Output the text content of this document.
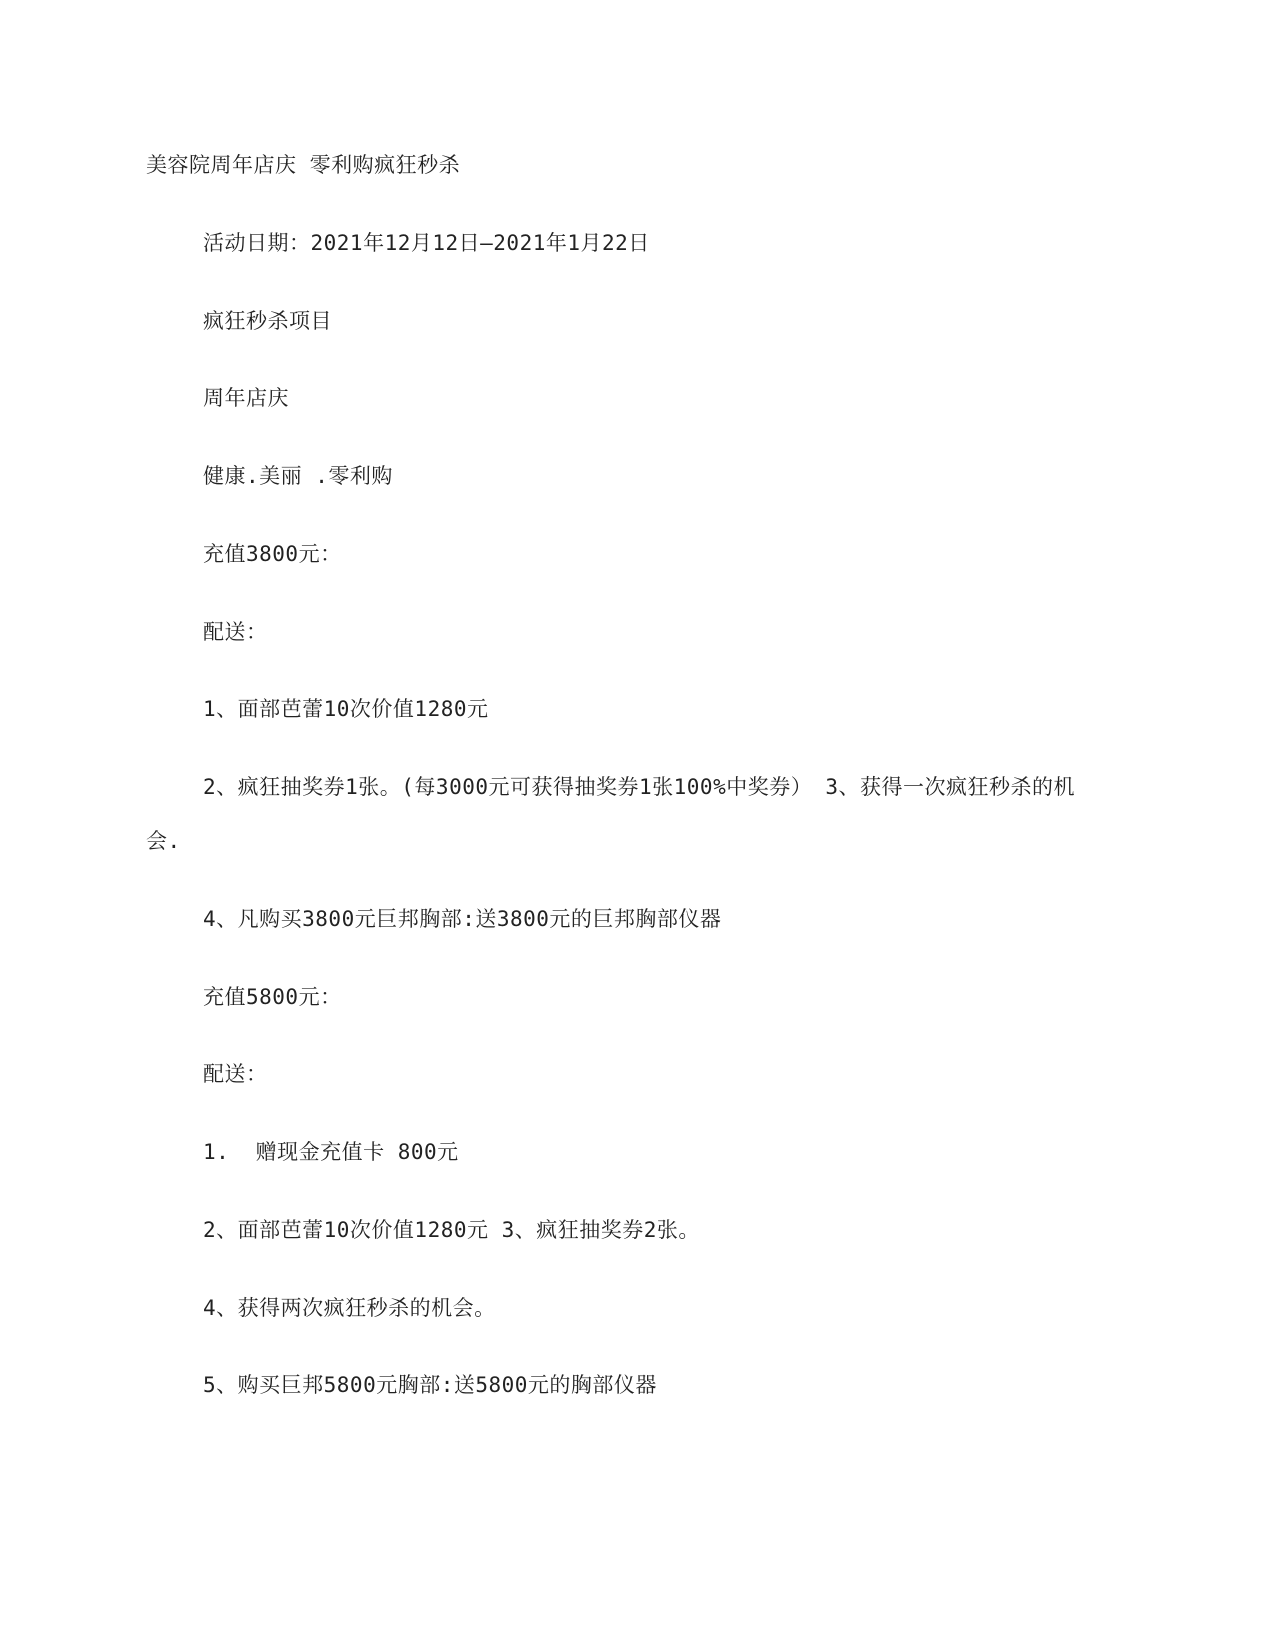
美容院周年店庆 零利购疯狂秒杀
活动日期：2021年12月12日—2021年1月22日
疯狂秒杀项目
周年店庆
健康.美丽 .零利购
充值3800元：
配送：
1、面部芭蕾10次价值1280元
2、疯狂抽奖券1张。(每3000元可获得抽奖券1张100%中奖券） 3、获得一次疯狂秒杀的机
会.
4、凡购买3800元巨邦胸部:送3800元的巨邦胸部仪器
充值5800元：
配送：
1.  赠现金充值卡 800元
2、面部芭蕾10次价值1280元 3、疯狂抽奖券2张。
4、获得两次疯狂秒杀的机会。
5、购买巨邦5800元胸部:送5800元的胸部仪器
